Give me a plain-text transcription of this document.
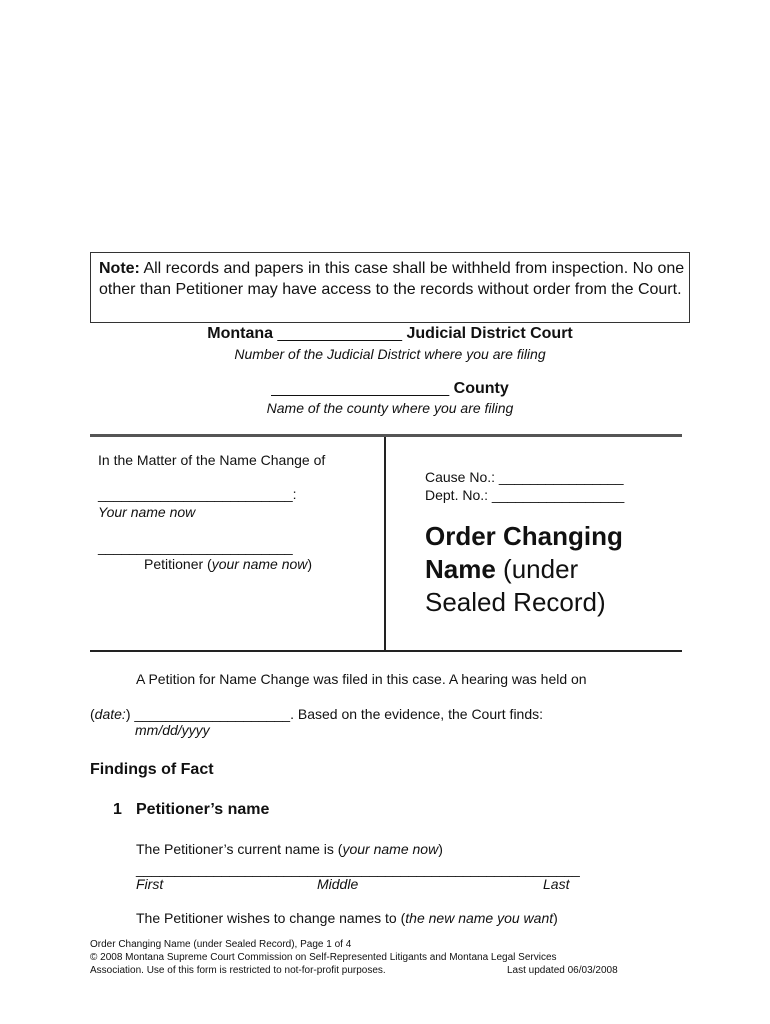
Note: All records and papers in this case shall be withheld from inspection. No one other than Petitioner may have access to the records without order from the Court.
Montana ______________ Judicial District Court
Number of the Judicial District where you are filing
____________________ County
Name of the county where you are filing
In the Matter of the Name Change of
_________________________:
Your name now
_________________________
Petitioner (your name now)
Cause No.: ________________
Dept. No.: _________________
Order Changing Name (under
Sealed Record)
A Petition for Name Change was filed in this case. A hearing was held on
(date:) ____________________. Based on the evidence, the Court finds:
mm/dd/yyyy
Findings of Fact
1 Petitioner’s name
The Petitioner’s current name is (your name now)
_________________________________________________________
First	Middle	Last
The Petitioner wishes to change names to (the new name you want)
Order Changing Name (under Sealed Record), Page 1 of 4
© 2008 Montana Supreme Court Commission on Self-Represented Litigants and Montana Legal Services
Association. Use of this form is restricted to not-for-profit purposes.	Last updated 06/03/2008
